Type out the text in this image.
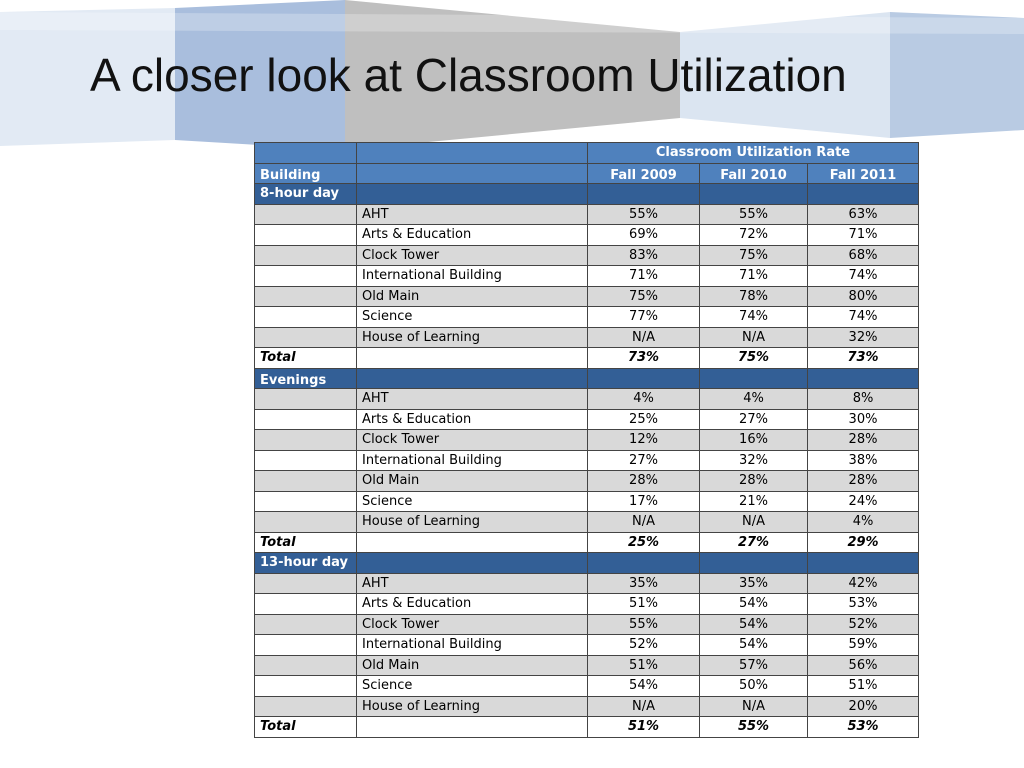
A closer look at Classroom Utilization
		Classroom Utilization Rate		
Building		Fall 2009	Fall 2010	Fall 2011
8-hour day				
	AHT	55%	55%	63%
	Arts & Education	69%	72%	71%
	Clock Tower	83%	75%	68%
	International Building	71%	71%	74%
	Old Main	75%	78%	80%
	Science	77%	74%	74%
	House of Learning	N/A	N/A	32%
Total		73%	75%	73%
Evenings				
	AHT	4%	4%	8%
	Arts & Education	25%	27%	30%
	Clock Tower	12%	16%	28%
	International Building	27%	32%	38%
	Old Main	28%	28%	28%
	Science	17%	21%	24%
	House of Learning	N/A	N/A	4%
Total		25%	27%	29%
13-hour day				
	AHT	35%	35%	42%
	Arts & Education	51%	54%	53%
	Clock Tower	55%	54%	52%
	International Building	52%	54%	59%
	Old Main	51%	57%	56%
	Science	54%	50%	51%
	House of Learning	N/A	N/A	20%
Total		51%	55%	53%
